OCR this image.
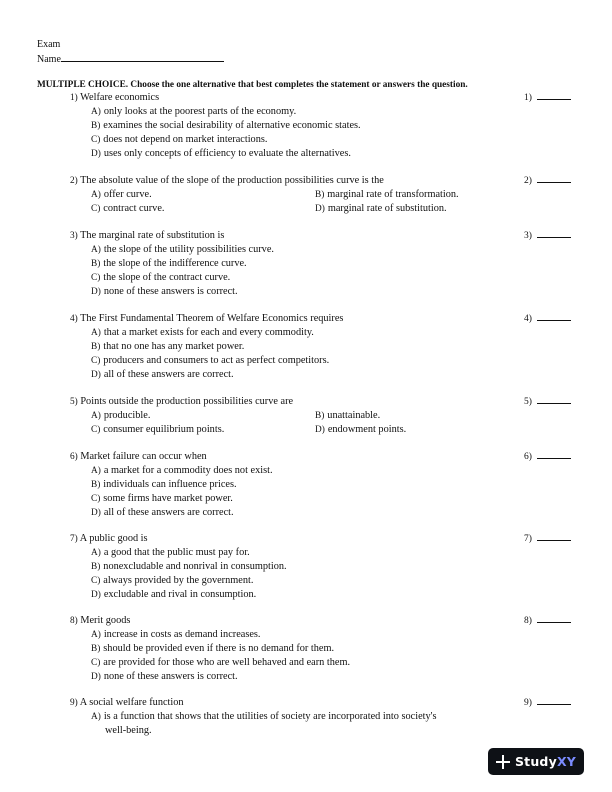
Exam
Name
MULTIPLE CHOICE. Choose the one alternative that best completes the statement or answers the question.
1) Welfare economics	1)
A) only looks at the poorest parts of the economy.
B) examines the social desirability of alternative economic states.
C) does not depend on market interactions.
D) uses only concepts of efficiency to evaluate the alternatives.
2) The absolute value of the slope of the production possibilities curve is the	2)
A) offer curve.	B) marginal rate of transformation.
C) contract curve.	D) marginal rate of substitution.
3) The marginal rate of substitution is	3)
A) the slope of the utility possibilities curve.
B) the slope of the indifference curve.
C) the slope of the contract curve.
D) none of these answers is correct.
4) The First Fundamental Theorem of Welfare Economics requires	4)
A) that a market exists for each and every commodity.
B) that no one has any market power.
C) producers and consumers to act as perfect competitors.
D) all of these answers are correct.
5) Points outside the production possibilities curve are	5)
A) producible.	B) unattainable.
C) consumer equilibrium points.	D) endowment points.
6) Market failure can occur when	6)
A) a market for a commodity does not exist.
B) individuals can influence prices.
C) some firms have market power.
D) all of these answers are correct.
7) A public good is	7)
A) a good that the public must pay for.
B) nonexcludable and nonrival in consumption.
C) always provided by the government.
D) excludable and rival in consumption.
8) Merit goods	8)
A) increase in costs as demand increases.
B) should be provided even if there is no demand for them.
C) are provided for those who are well behaved and earn them.
D) none of these answers is correct.
9) A social welfare function	9)
A) is a function that shows that the utilities of society are incorporated into society's
well-being.
StudyXY
